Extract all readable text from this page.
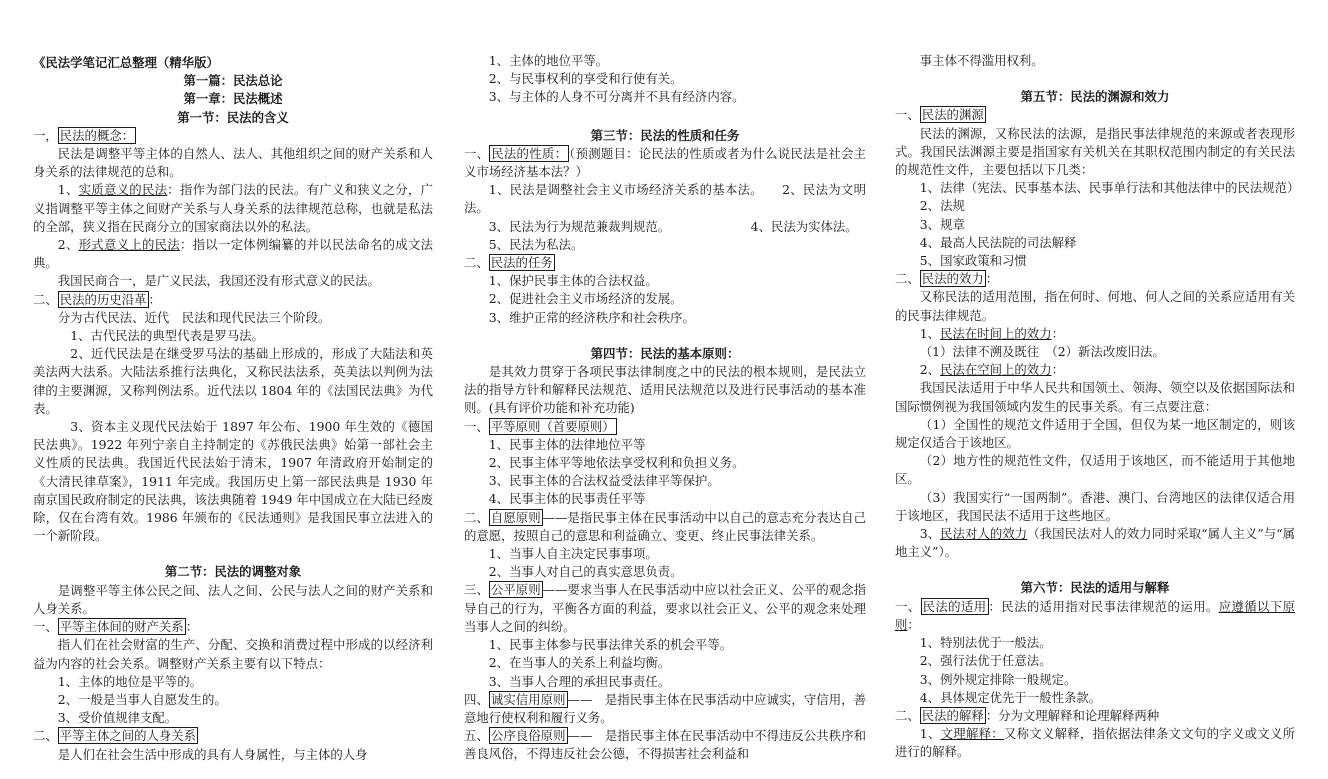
《民法学笔记汇总整理（精华版）

第一篇：民法总论

第一章：民法概述

第一节：民法的含义

一， 民法的概念：

民法是调整平等主体的自然人、法人、其他组织之间的财产关系和人身关系的法律规范的总和。

1、实质意义的民法：指作为部门法的民法。有广义和狭义之分，广义指调整平等主体之间财产关系与人身关系的法律规范总称，也就是私法的全部，狭义指在民商分立的国家商法以外的私法。

2、形式意义上的民法：指以一定体例编纂的并以民法命名的成文法典。

我国民商合一，是广义民法，我国还没有形式意义的民法。

二、 民法的历史沿革 ：

分为古代民法、近代　民法和现代民法三个阶段。

1、古代民法的典型代表是罗马法。

2、近代民法是在继受罗马法的基础上形成的，形成了大陆法和英美法两大法系。大陆法系推行法典化，又称民法法系，英美法以判例为法律的主要渊源，又称判例法系。近代法以 1804 年的《法国民法典》为代表。

3、资本主义现代民法始于 1897 年公布、1900 年生效的《德国民法典》。1922 年列宁亲自主持制定的《苏俄民法典》始第一部社会主义性质的民法典。我国近代民法始于清末，1907 年清政府开始制定的《大清民律草案》，1911 年完成。我国历史上第一部民法典是 1930 年南京国民政府制定的民法典，该法典随着 1949 年中国成立在大陆已经废除，仅在台湾有效。1986 年颁布的《民法通则》是我国民事立法进入的一个新阶段。

第二节：民法的调整对象

是调整平等主体公民之间、法人之间、公民与法人之间的财产关系和人身关系。

一、 平等主体间的财产关系 ：

指人们在社会财富的生产、分配、交换和消费过程中形成的以经济利益为内容的社会关系。调整财产关系主要有以下特点：

1、主体的地位是平等的。

2、一般是当事人自愿发生的。

3、受价值规律支配。

二、 平等主体之间的人身关系

是人们在社会生活中形成的具有人身属性，与主体的人身

1、主体的地位平等。

2、与民事权利的享受和行使有关。

3、与主体的人身不可分离并不具有经济内容。

第三节：民法的性质和任务

一、 民法的性质： （预测题目：论民法的性质或者为什么说民法是社会主义市场经济基本法？）

1、民法是调整社会主义市场经济关系的基本法。　　2、民法为文明法。

3、民法为行为规范兼裁判规范。　　　　　　　4、民法为实体法。

5、民法为私法。

二、 民法的任务

1、保护民事主体的合法权益。

2、促进社会主义市场经济的发展。

3、维护正常的经济秩序和社会秩序。

第四节：民法的基本原则：

是其效力贯穿于各项民事法律制度之中的民法的根本规则，是民法立法的指导方针和解释民法规范、适用民法规范以及进行民事活动的基本准则。(具有评价功能和补充功能)

一、 平等原则（首要原则）

1、民事主体的法律地位平等

2、民事主体平等地依法享受权利和负担义务。

3、民事主体的合法权益受法律平等保护。

4、民事主体的民事责任平等

二、 自愿原则 ——是指民事主体在民事活动中以自己的意志充分表达自己的意愿，按照自己的意思和利益确立、变更、终止民事法律关系。

1、当事人自主决定民事事项。

2、当事人对自己的真实意思负责。

三、 公平原则 ——要求当事人在民事活动中应以社会正义、公平的观念指导自己的行为，平衡各方面的利益，要求以社会正义、公平的观念来处理当事人之间的纠纷。

1、民事主体参与民事法律关系的机会平等。

2、在当事人的关系上利益均衡。

3、当事人合理的承担民事责任。

四、 诚实信用原则 ——　是指民事主体在民事活动中应诚实，守信用，善意地行使权利和履行义务。

五、 公序良俗原则 ——　是指民事主体在民事活动中不得违反公共秩序和善良风俗，不得违反社会公德，不得损害社会利益和

事主体不得滥用权利。

第五节：民法的渊源和效力

一、 民法的渊源

民法的渊源，又称民法的法源，是指民事法律规范的来源或者表现形式。我国民法渊源主要是指国家有关机关在其职权范围内制定的有关民法的规范性文件，主要包括以下几类：

1、法律（宪法、民事基本法、民事单行法和其他法律中的民法规范）

2、法规

3、规章

4、最高人民法院的司法解释

5、国家政策和习惯

二、 民法的效力 ：

又称民法的适用范围，指在何时、何地、何人之间的关系应适用有关的民事法律规范。

1、民法在时间上的效力：

（1）法律不溯及既往　（2）新法改废旧法。

2、民法在空间上的效力：

我国民法适用于中华人民共和国领土、领海、领空以及依据国际法和国际惯例视为我国领域内发生的民事关系。有三点要注意：

（1）全国性的规范文件适用于全国，但仅为某一地区制定的，则该规定仅适合于该地区。

（2）地方性的规范性文件，仅适用于该地区，而不能适用于其他地区。

（3）我国实行“一国两制”。香港、澳门、台湾地区的法律仅适合用于该地区，我国民法不适用于这些地区。

3、民法对人的效力（我国民法对人的效力同时采取“属人主义”与“属地主义”）。

第六节：民法的适用与解释

一、 民法的适用 ：民法的适用指对民事法律规范的运用。应遵循以下原则：

1、特别法优于一般法。

2、强行法优于任意法。

3、例外规定排除一般规定。

4、具体规定优先于一般性条款。

二、 民法的解释 ：分为文理解释和论理解释两种

1、文理解释：又称文义解释，指依据法律条文文句的字义或文义所进行的解释。
